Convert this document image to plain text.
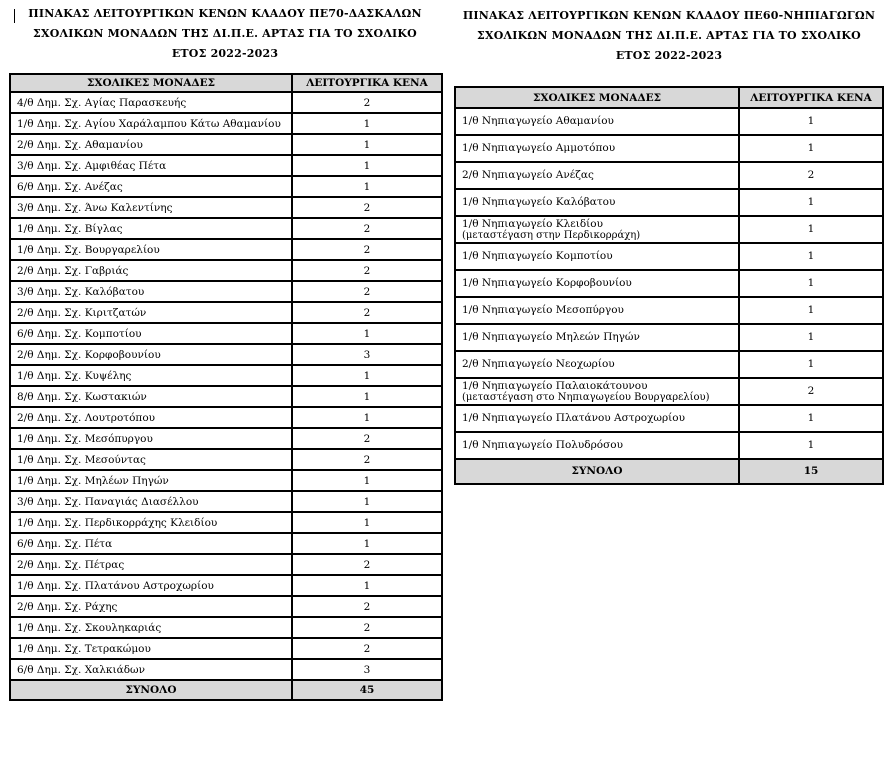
ΠΙΝΑΚΑΣ ΛΕΙΤΟΥΡΓΙΚΩΝ ΚΕΝΩΝ ΚΛΑΔΟΥ ΠΕ70-ΔΑΣΚΑΛΩΝ
ΣΧΟΛΙΚΩΝ ΜΟΝΑΔΩΝ ΤΗΣ ΔΙ.Π.Ε. ΑΡΤΑΣ ΓΙΑ ΤΟ ΣΧΟΛΙΚΟ
ΕΤΟΣ 2022-2023
ΣΧΟΛΙΚΕΣ ΜΟΝΑΔΕΣ	ΛΕΙΤΟΥΡΓΙΚΑ ΚΕΝΑ
4/θ Δημ. Σχ. Αγίας Παρασκευής	2
1/θ Δημ. Σχ. Αγίου Χαράλαμπου Κάτω Αθαμανίου	1
2/θ Δημ. Σχ. Αθαμανίου	1
3/θ Δημ. Σχ. Αμφιθέας Πέτα	1
6/θ Δημ. Σχ. Ανέζας	1
3/θ Δημ. Σχ. Άνω Καλεντίνης	2
1/θ Δημ. Σχ. Βίγλας	2
1/θ Δημ. Σχ. Βουργαρελίου	2
2/θ Δημ. Σχ. Γαβριάς	2
3/θ Δημ. Σχ. Καλόβατου	2
2/θ Δημ. Σχ. Κιριτζατών	2
6/θ Δημ. Σχ. Κομποτίου	1
2/θ Δημ. Σχ. Κορφοβουνίου	3
1/θ Δημ. Σχ. Κυψέλης	1
8/θ Δημ. Σχ. Κωστακιών	1
2/θ Δημ. Σχ. Λουτροτόπου	1
1/θ Δημ. Σχ. Μεσόπυργου	2
1/θ Δημ. Σχ. Μεσούντας	2
1/θ Δημ. Σχ. Μηλέων Πηγών	1
3/θ Δημ. Σχ. Παναγιάς Διασέλλου	1
1/θ Δημ. Σχ. Περδικορράχης Κλειδίου	1
6/θ Δημ. Σχ. Πέτα	1
2/θ Δημ. Σχ. Πέτρας	2
1/θ Δημ. Σχ. Πλατάνου Αστροχωρίου	1
2/θ Δημ. Σχ. Ράχης	2
1/θ Δημ. Σχ. Σκουληκαριάς	2
1/θ Δημ. Σχ. Τετρακώμου	2
6/θ Δημ. Σχ. Χαλκιάδων	3
ΣΥΝΟΛΟ	45
ΠΙΝΑΚΑΣ ΛΕΙΤΟΥΡΓΙΚΩΝ ΚΕΝΩΝ ΚΛΑΔΟΥ ΠΕ60-ΝΗΠΙΑΓΩΓΩΝ
ΣΧΟΛΙΚΩΝ ΜΟΝΑΔΩΝ ΤΗΣ ΔΙ.Π.Ε. ΑΡΤΑΣ ΓΙΑ ΤΟ ΣΧΟΛΙΚΟ
ΕΤΟΣ 2022-2023
ΣΧΟΛΙΚΕΣ ΜΟΝΑΔΕΣ	ΛΕΙΤΟΥΡΓΙΚΑ ΚΕΝΑ
1/θ Νηπιαγωγείο Αθαμανίου	1
1/θ Νηπιαγωγείο Αμμοτόπου	1
2/θ Νηπιαγωγείο Ανέζας	2
1/θ Νηπιαγωγείο Καλόβατου	1
1/θ Νηπιαγωγείο Κλειδίου
(μεταστέγαση στην Περδικορράχη)	1
1/θ Νηπιαγωγείο Κομποτίου	1
1/θ Νηπιαγωγείο Κορφοβουνίου	1
1/θ Νηπιαγωγείο Μεσοπύργου	1
1/θ Νηπιαγωγείο Μηλεών Πηγών	1
2/θ Νηπιαγωγείο Νεοχωρίου	1
1/θ Νηπιαγωγείο Παλαιοκάτουνου
(μεταστέγαση στο Νηπιαγωγείου Βουργαρελίου)	2
1/θ Νηπιαγωγείο Πλατάνου Αστροχωρίου	1
1/θ Νηπιαγωγείο Πολυδρόσου	1
ΣΥΝΟΛΟ	15
